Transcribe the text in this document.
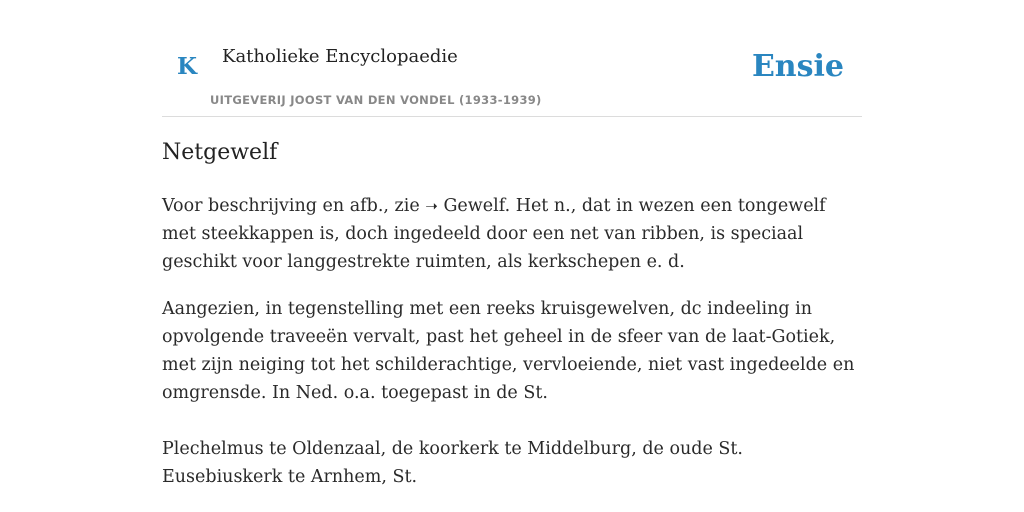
K Katholieke Encyclopaedie
UITGEVERIJ JOOST VAN DEN VONDEL (1933-1939)
Ensie
Netgewelf

Voor beschrijving en afb., zie ➝ Gewelf. Het n., dat in wezen een tongewelf met steekkappen is, doch ingedeeld door een net van ribben, is speciaal geschikt voor langgestrekte ruimten, als kerkschepen e. d.

Aangezien, in tegenstelling met een reeks kruisgewelven, dc indeeling in opvolgende traveeën vervalt, past het geheel in de sfeer van de laat-Gotiek, met zijn neiging tot het schilderachtige, vervloeiende, niet vast ingedeelde en omgrensde. In Ned. o.a. toegepast in de St.

Plechelmus te Oldenzaal, de koorkerk te Middelburg, de oude St. Eusebiuskerk te Arnhem, St.
